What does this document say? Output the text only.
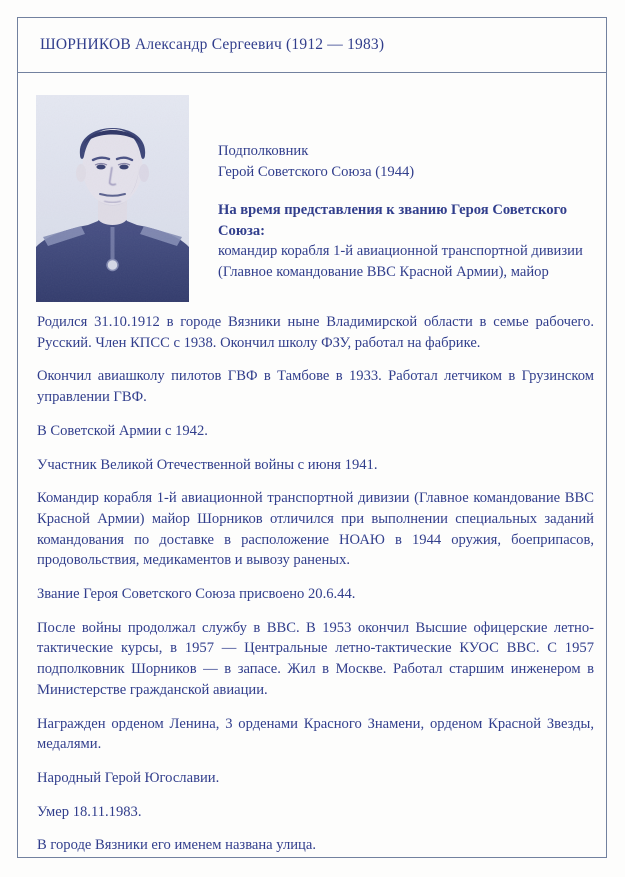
ШОРНИКОВ Александр Сергеевич (1912 — 1983)
Подполковник
Герой Советского Союза (1944)
На время представления к званию Героя Советского Союза:
командир корабля 1-й авиационной транспортной дивизии (Главное командование ВВС Красной Армии), майор

Родился 31.10.1912 в городе Вязники ныне Владимирской области в семье рабочего. Русский. Член КПСС с 1938. Окончил школу ФЗУ, работал на фабрике.

Окончил авиашколу пилотов ГВФ в Тамбове в 1933. Работал летчиком в Грузинском управлении ГВФ.

В Советской Армии с 1942.

Участник Великой Отечественной войны с июня 1941.

Командир корабля 1-й авиационной транспортной дивизии (Главное командование ВВС Красной Армии) майор Шорников отличился при выполнении специальных заданий командования по доставке в расположение НОАЮ в 1944 оружия, боеприпасов, продовольствия, медикаментов и вывозу раненых.

Звание Героя Советского Союза присвоено 20.6.44.

После войны продолжал службу в ВВС. В 1953 окончил Высшие офицерские летно-тактические курсы, в 1957 — Центральные летно-тактические КУОС ВВС. С 1957 подполковник Шорников — в запасе. Жил в Москве. Работал старшим инженером в Министерстве гражданской авиации.

Награжден орденом Ленина, 3 орденами Красного Знамени, орденом Красной Звезды, медалями.

Народный Герой Югославии.

Умер 18.11.1983.

В городе Вязники его именем названа улица.
